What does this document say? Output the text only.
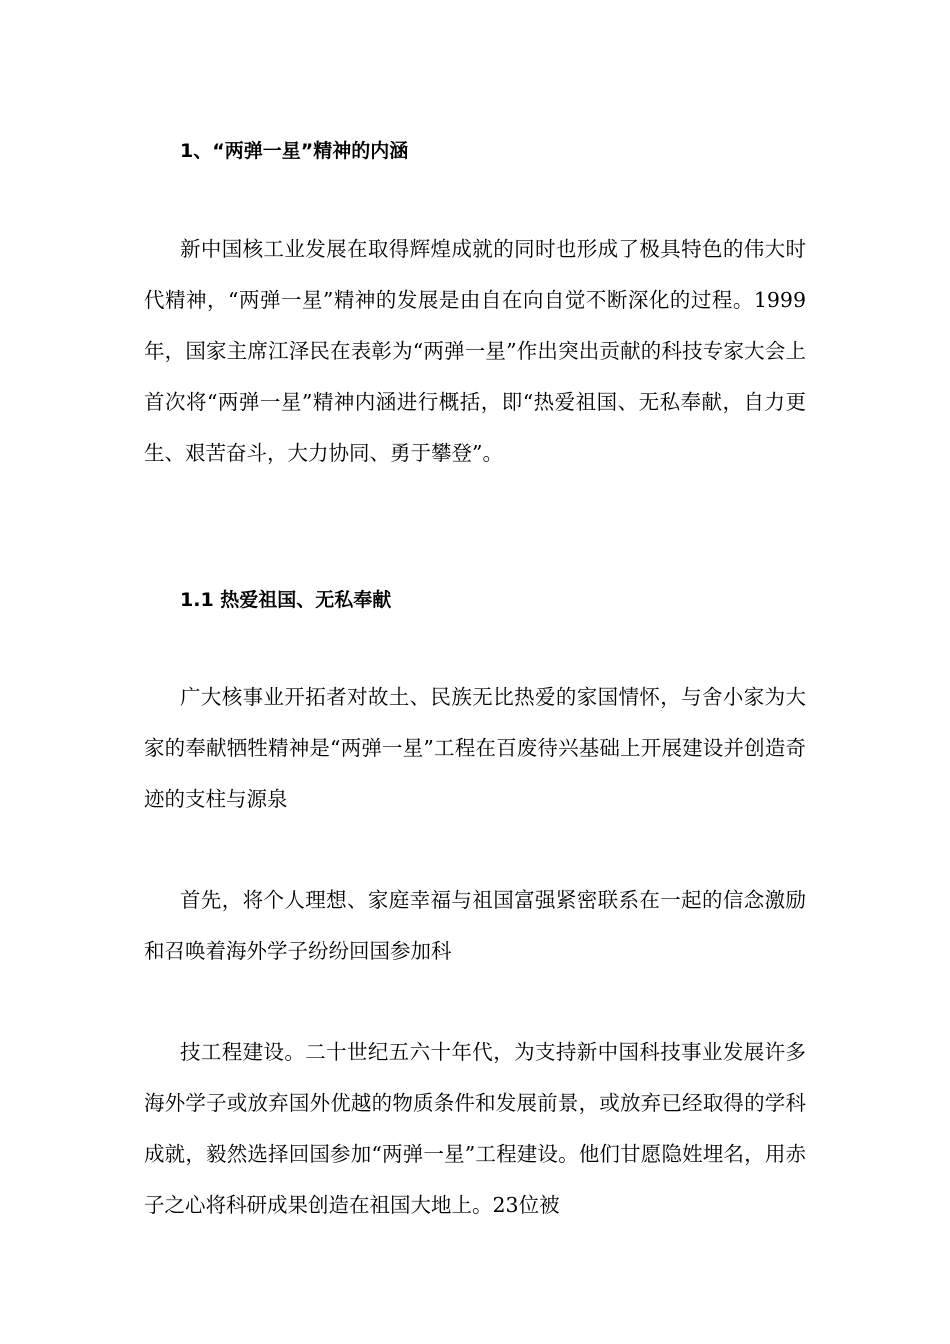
1、“两弹一星”精神的内涵
新中国核工业发展在取得辉煌成就的同时也形成了极具特色的伟大时代精神，“两弹一星”精神的发展是由自在向自觉不断深化的过程。1999年，国家主席江泽民在表彰为“两弹一星”作出突出贡献的科技专家大会上首次将“两弹一星”精神内涵进行概括，即“热爱祖国、无私奉献，自力更生、艰苦奋斗，大力协同、勇于攀登”。
1.1 热爱祖国、无私奉献
广大核事业开拓者对故土、民族无比热爱的家国情怀，与舍小家为大家的奉献牺牲精神是“两弹一星”工程在百废待兴基础上开展建设并创造奇迹的支柱与源泉
首先，将个人理想、家庭幸福与祖国富强紧密联系在一起的信念激励和召唤着海外学子纷纷回国参加科
技工程建设。二十世纪五六十年代，为支持新中国科技事业发展许多海外学子或放弃国外优越的物质条件和发展前景，或放弃已经取得的学科成就，毅然选择回国参加“两弹一星”工程建设。他们甘愿隐姓埋名，用赤子之心将科研成果创造在祖国大地上。23位被
